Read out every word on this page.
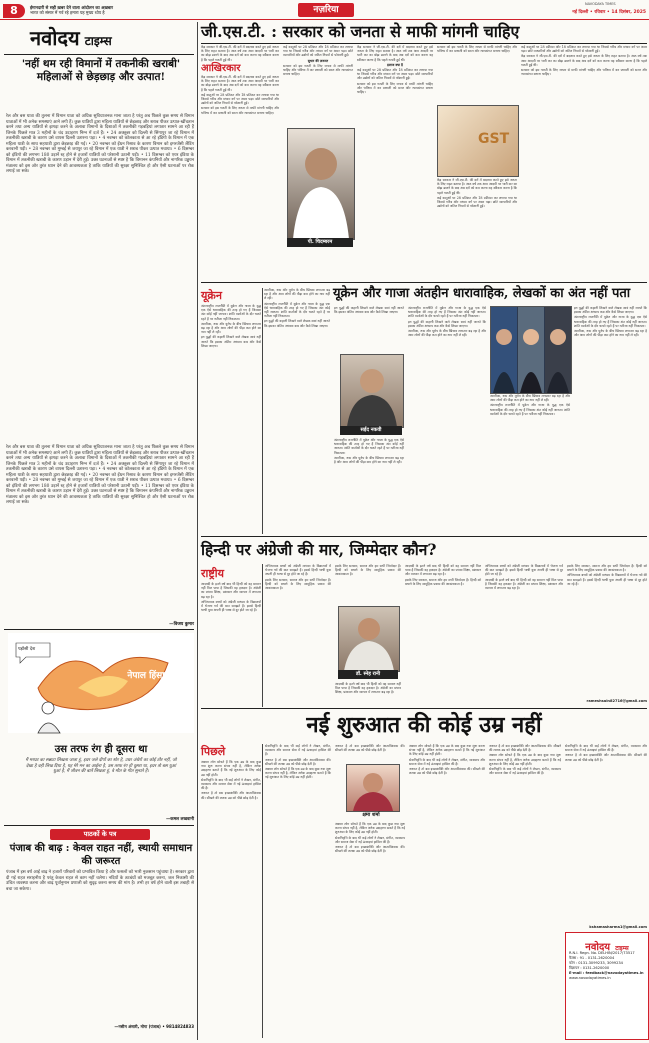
8	ईमानदारी से सही ख़बर देने वाला आंदोलन का अख़बार
भारत को संसार में गर्व रहे हमारा यह मुख्य ध्येय है	नज़रिया
NAVODAYA TIMES
नई दिल्ली • रविवार • 14 दिसंबर, 2025
नवोदय टाइम्स
'नहीं थम रही विमानों में तकनीकी खराबी' महिलाओं से छेड़छाड़ और उत्पात!

रेल और बस यात्रा की तुलना में विमान यात्रा को अधिक सुविधाजनक माना जाता है परंतु अब पिछले कुछ समय से विमान यात्राओं में भी अनेक समस्याएं आने लगी हैं। कुछ यात्रियों द्वारा महिला यात्रियों से छेड़छाड़ और शराब पीकर उत्पात-खींचतान करने तथा अन्य यात्रियों से झगड़ा करने के अलावा विमानों के दिशाओं में तकनीकी गड़बड़ियां लगातार सामने आ रही हैं जिनके पिछले मात्र 3 महीनों के चंद उदाहरण निम्न में दर्ज हैं। • 24 अक्तूबर को दिल्ली से सिंगापुर जा रहे विमान में तकनीकी खराबी के कारण उसे वापस दिल्ली उतारना पड़ा। • 4 नवम्बर को कोलकाता से आ रहे इंडिगो के विमान में एक महिला यात्री के साथ सहयात्री द्वारा छेड़छाड़ की गई। • 20 नवम्बर को ईंधन रिसाव के कारण विमान को इमरजेंसी लैंडिंग करवानी पड़ी। • 28 नवम्बर को मुम्बई से जयपुर जा रहे विमान में एक यात्री ने शराब पीकर उत्पात मचाया। • 6 दिसम्बर को इंडिगो की लगभग 180 उड़ानें रद्द होने से हजारों यात्रियों को परेशानी उठानी पड़ी। • 11 दिसम्बर को एयर इंडिया के विमान में तकनीकी खराबी के कारण उड़ान में देरी हुई। उक्त घटनाओं से स्पष्ट है कि विमानन कंपनियों और नागरिक उड्डयन मंत्रालय को इस ओर तुरंत ध्यान देने की आवश्यकता है ताकि यात्रियों की सुरक्षा सुनिश्चित हो और ऐसी घटनाओं पर रोक लगाई जा सके।

—विजय कुमार

रेल और बस यात्रा की तुलना में विमान यात्रा को अधिक सुविधाजनक माना जाता है परंतु अब पिछले कुछ समय से विमान यात्राओं में भी अनेक समस्याएं आने लगी हैं। कुछ यात्रियों द्वारा महिला यात्रियों से छेड़छाड़ और शराब पीकर उत्पात-खींचतान करने तथा अन्य यात्रियों से झगड़ा करने के अलावा विमानों के दिशाओं में तकनीकी गड़बड़ियां लगातार सामने आ रही हैं जिनके पिछले मात्र 3 महीनों के चंद उदाहरण निम्न में दर्ज हैं। • 24 अक्तूबर को दिल्ली से सिंगापुर जा रहे विमान में तकनीकी खराबी के कारण उसे वापस दिल्ली उतारना पड़ा। • 4 नवम्बर को कोलकाता से आ रहे इंडिगो के विमान में एक महिला यात्री के साथ सहयात्री द्वारा छेड़छाड़ की गई। • 20 नवम्बर को ईंधन रिसाव के कारण विमान को इमरजेंसी लैंडिंग करवानी पड़ी। • 28 नवम्बर को मुम्बई से जयपुर जा रहे विमान में एक यात्री ने शराब पीकर उत्पात मचाया। • 6 दिसम्बर को इंडिगो की लगभग 180 उड़ानें रद्द होने से हजारों यात्रियों को परेशानी उठानी पड़ी। • 11 दिसम्बर को एयर इंडिया के विमान में तकनीकी खराबी के कारण उड़ान में देरी हुई। उक्त घटनाओं से स्पष्ट है कि विमानन कंपनियों और नागरिक उड्डयन मंत्रालय को इस ओर तुरंत ध्यान देने की आवश्यकता है ताकि यात्रियों की सुरक्षा सुनिश्चित हो और ऐसी घटनाओं पर रोक लगाई जा सके।

पड़ोसी देश
नेपाल हिंसा
उस तरफ रंग ही दूसरा था

मैं मरघट का सन्नाटा लिखता जाता हूं, इधर जले दीपों का शोर है, उधर अंधेरों का कोई ठौर नहीं, जो देखा है वही लिख दिया है, यह मेरे मन का आईना है, उस तरफ रंग ही दूसरा था, इधर तो बस धुआं धुआं है, मैं जीवन की बातें लिखता हूं, वे मौत के गीत सुनाते हैं।

—कमल लखवानी
पाठकों के पत्र
पंजाब की बाढ़ : केवल राहत नहीं, स्थायी समाधान की जरूरत

पंजाब में इस वर्ष आई बाढ़ ने हजारों परिवारों को प्रभावित किया है और फसलों को भारी नुकसान पहुंचाया है। सरकार द्वारा दी गई राहत सराहनीय है परंतु केवल राहत से काम नहीं चलेगा। नदियों के तटबंधों को मजबूत करना, जल निकासी की उचित व्यवस्था करना और बाढ़ पूर्वानुमान प्रणाली को सुदृढ़ करना समय की मांग है। तभी हर वर्ष होने वाली इस तबाही से बचा जा सकेगा।

—नसीम अंसारी, मोगा (पंजाब) • 9814824833
जी.एस.टी. : सरकार को जनता से माफी मांगनी चाहिए
आखिरकार

केंद्र सरकार ने जी.एस.टी. की दरों में बदलाव करते हुए इसे जनता के लिए राहत बताया है। आठ वर्ष तक आम आदमी पर भारी कर का बोझ डालने के बाद अब दरों को कम करना यह स्वीकार करना है कि पहले गलती हुई थी।

केंद्र सरकार ने जी.एस.टी. की दरों में बदलाव करते हुए इसे जनता के लिए राहत बताया है। आठ वर्ष तक आम आदमी पर भारी कर का बोझ डालने के बाद अब दरों को कम करना यह स्वीकार करना है कि पहले गलती हुई थी।

कई वस्तुओं पर 28 प्रतिशत और 18 प्रतिशत कर लगाया गया था जिससे गरीब और मध्यम वर्ग पर असर पड़ा। छोटे व्यापारियों और उद्योगों को जटिल नियमों से परेशानी हुई।

सरकार को इस गलती के लिए जनता से माफी मांगनी चाहिए और भविष्य में कर प्रणाली को सरल और न्यायसंगत बनाना चाहिए।

कई वस्तुओं पर 28 प्रतिशत और 18 प्रतिशत कर लगाया गया था जिससे गरीब और मध्यम वर्ग पर असर पड़ा। छोटे व्यापारियों और उद्योगों को जटिल नियमों से परेशानी हुई।

सुधार की ज़रूरत

सरकार को इस गलती के लिए जनता से माफी मांगनी चाहिए और भविष्य में कर प्रणाली को सरल और न्यायसंगत बनाना चाहिए।

पी. चिदम्बरम

केंद्र सरकार ने जी.एस.टी. की दरों में बदलाव करते हुए इसे जनता के लिए राहत बताया है। आठ वर्ष तक आम आदमी पर भारी कर का बोझ डालने के बाद अब दरों को कम करना यह स्वीकार करना है कि पहले गलती हुई थी।

इलाज क्या है

कई वस्तुओं पर 28 प्रतिशत और 18 प्रतिशत कर लगाया गया था जिससे गरीब और मध्यम वर्ग पर असर पड़ा। छोटे व्यापारियों और उद्योगों को जटिल नियमों से परेशानी हुई।

सरकार को इस गलती के लिए जनता से माफी मांगनी चाहिए और भविष्य में कर प्रणाली को सरल और न्यायसंगत बनाना चाहिए।

सरकार को इस गलती के लिए जनता से माफी मांगनी चाहिए और भविष्य में कर प्रणाली को सरल और न्यायसंगत बनाना चाहिए।

GST

केंद्र सरकार ने जी.एस.टी. की दरों में बदलाव करते हुए इसे जनता के लिए राहत बताया है। आठ वर्ष तक आम आदमी पर भारी कर का बोझ डालने के बाद अब दरों को कम करना यह स्वीकार करना है कि पहले गलती हुई थी।

कई वस्तुओं पर 28 प्रतिशत और 18 प्रतिशत कर लगाया गया था जिससे गरीब और मध्यम वर्ग पर असर पड़ा। छोटे व्यापारियों और उद्योगों को जटिल नियमों से परेशानी हुई।

कई वस्तुओं पर 28 प्रतिशत और 18 प्रतिशत कर लगाया गया था जिससे गरीब और मध्यम वर्ग पर असर पड़ा। छोटे व्यापारियों और उद्योगों को जटिल नियमों से परेशानी हुई।

केंद्र सरकार ने जी.एस.टी. की दरों में बदलाव करते हुए इसे जनता के लिए राहत बताया है। आठ वर्ष तक आम आदमी पर भारी कर का बोझ डालने के बाद अब दरों को कम करना यह स्वीकार करना है कि पहले गलती हुई थी।

सरकार को इस गलती के लिए जनता से माफी मांगनी चाहिए और भविष्य में कर प्रणाली को सरल और न्यायसंगत बनाना चाहिए।

यूक्रेन

अंतरराष्ट्रीय राजनीति में यूक्रेन और गाजा के युद्ध एक ऐसे धारावाहिक की तरह हो गए हैं जिसका अंत कोई नहीं जानता। शांति वार्ताओं के दौर चलते रहते हैं पर नतीजा नहीं निकलता।

अमरीका, रूस और यूरोप के बीच खिंचाव लगातार बढ़ रहा है और आम लोगों की पीड़ा कम होने का नाम नहीं ले रही।

इन युद्धों की कहानी लिखने वाले लेखक स्वयं नहीं जानते कि इसका अंतिम अध्याय कब और कैसे लिखा जाएगा।

यूक्रेन और गाजा अंतहीन धारावाहिक, लेखकों का अंत नहीं पता

अमरीका, रूस और यूरोप के बीच खिंचाव लगातार बढ़ रहा है और आम लोगों की पीड़ा कम होने का नाम नहीं ले रही।

अंतरराष्ट्रीय राजनीति में यूक्रेन और गाजा के युद्ध एक ऐसे धारावाहिक की तरह हो गए हैं जिसका अंत कोई नहीं जानता। शांति वार्ताओं के दौर चलते रहते हैं पर नतीजा नहीं निकलता।

इन युद्धों की कहानी लिखने वाले लेखक स्वयं नहीं जानते कि इसका अंतिम अध्याय कब और कैसे लिखा जाएगा।

इन युद्धों की कहानी लिखने वाले लेखक स्वयं नहीं जानते कि इसका अंतिम अध्याय कब और कैसे लिखा जाएगा।

सईद नकवी

अंतरराष्ट्रीय राजनीति में यूक्रेन और गाजा के युद्ध एक ऐसे धारावाहिक की तरह हो गए हैं जिसका अंत कोई नहीं जानता। शांति वार्ताओं के दौर चलते रहते हैं पर नतीजा नहीं निकलता।

अमरीका, रूस और यूरोप के बीच खिंचाव लगातार बढ़ रहा है और आम लोगों की पीड़ा कम होने का नाम नहीं ले रही।

अंतरराष्ट्रीय राजनीति में यूक्रेन और गाजा के युद्ध एक ऐसे धारावाहिक की तरह हो गए हैं जिसका अंत कोई नहीं जानता। शांति वार्ताओं के दौर चलते रहते हैं पर नतीजा नहीं निकलता।

इन युद्धों की कहानी लिखने वाले लेखक स्वयं नहीं जानते कि इसका अंतिम अध्याय कब और कैसे लिखा जाएगा।

अमरीका, रूस और यूरोप के बीच खिंचाव लगातार बढ़ रहा है और आम लोगों की पीड़ा कम होने का नाम नहीं ले रही।

अमरीका, रूस और यूरोप के बीच खिंचाव लगातार बढ़ रहा है और आम लोगों की पीड़ा कम होने का नाम नहीं ले रही।

अंतरराष्ट्रीय राजनीति में यूक्रेन और गाजा के युद्ध एक ऐसे धारावाहिक की तरह हो गए हैं जिसका अंत कोई नहीं जानता। शांति वार्ताओं के दौर चलते रहते हैं पर नतीजा नहीं निकलता।

इन युद्धों की कहानी लिखने वाले लेखक स्वयं नहीं जानते कि इसका अंतिम अध्याय कब और कैसे लिखा जाएगा।

अंतरराष्ट्रीय राजनीति में यूक्रेन और गाजा के युद्ध एक ऐसे धारावाहिक की तरह हो गए हैं जिसका अंत कोई नहीं जानता। शांति वार्ताओं के दौर चलते रहते हैं पर नतीजा नहीं निकलता।

अमरीका, रूस और यूरोप के बीच खिंचाव लगातार बढ़ रहा है और आम लोगों की पीड़ा कम होने का नाम नहीं ले रही।

हिन्दी पर अंग्रेजी की मार, जिम्मेदार कौन?
राष्ट्रीय

आज़ादी के इतने वर्ष बाद भी हिन्दी को वह सम्मान नहीं मिल पाया है जिसकी वह हकदार है। अंग्रेजी का प्रभाव शिक्षा, प्रशासन और व्यापार में लगातार बढ़ रहा है।

अभिभावक बच्चों को अंग्रेजी माध्यम के विद्यालयों में भेजना गर्व की बात समझते हैं। इससे हिन्दी भाषी युवा अपनी ही भाषा से दूर होते जा रहे हैं।

अभिभावक बच्चों को अंग्रेजी माध्यम के विद्यालयों में भेजना गर्व की बात समझते हैं। इससे हिन्दी भाषी युवा अपनी ही भाषा से दूर होते जा रहे हैं।

इसके लिए सरकार, समाज और हम सभी जिम्मेदार हैं। हिन्दी को बचाने के लिए सामूहिक प्रयास की आवश्यकता है।

इसके लिए सरकार, समाज और हम सभी जिम्मेदार हैं। हिन्दी को बचाने के लिए सामूहिक प्रयास की आवश्यकता है।

डॉ. स्नेह रानी

आज़ादी के इतने वर्ष बाद भी हिन्दी को वह सम्मान नहीं मिल पाया है जिसकी वह हकदार है। अंग्रेजी का प्रभाव शिक्षा, प्रशासन और व्यापार में लगातार बढ़ रहा है।

आज़ादी के इतने वर्ष बाद भी हिन्दी को वह सम्मान नहीं मिल पाया है जिसकी वह हकदार है। अंग्रेजी का प्रभाव शिक्षा, प्रशासन और व्यापार में लगातार बढ़ रहा है।

इसके लिए सरकार, समाज और हम सभी जिम्मेदार हैं। हिन्दी को बचाने के लिए सामूहिक प्रयास की आवश्यकता है।

अभिभावक बच्चों को अंग्रेजी माध्यम के विद्यालयों में भेजना गर्व की बात समझते हैं। इससे हिन्दी भाषी युवा अपनी ही भाषा से दूर होते जा रहे हैं।

आज़ादी के इतने वर्ष बाद भी हिन्दी को वह सम्मान नहीं मिल पाया है जिसकी वह हकदार है। अंग्रेजी का प्रभाव शिक्षा, प्रशासन और व्यापार में लगातार बढ़ रहा है।

इसके लिए सरकार, समाज और हम सभी जिम्मेदार हैं। हिन्दी को बचाने के लिए सामूहिक प्रयास की आवश्यकता है।

अभिभावक बच्चों को अंग्रेजी माध्यम के विद्यालयों में भेजना गर्व की बात समझते हैं। इससे हिन्दी भाषी युवा अपनी ही भाषा से दूर होते जा रहे हैं।

rameshsain82716@gmail.com
नई शुरुआत की कोई उम्र नहीं
पिछले

अक्सर लोग सोचते हैं कि एक उम्र के बाद कुछ नया शुरू करना संभव नहीं है, लेकिन अनेक उदाहरण बताते हैं कि नई शुरुआत के लिए कोई उम्र नहीं होती।

सेवानिवृत्ति के बाद भी कई लोगों ने लेखन, संगीत, व्यवसाय और समाज सेवा में नई ऊंचाइयां हासिल की हैं।

जरूरत है तो बस इच्छाशक्ति और आत्मविश्वास की। सीखने की ललक उम्र को पीछे छोड़ देती है।

सेवानिवृत्ति के बाद भी कई लोगों ने लेखन, संगीत, व्यवसाय और समाज सेवा में नई ऊंचाइयां हासिल की हैं।

जरूरत है तो बस इच्छाशक्ति और आत्मविश्वास की। सीखने की ललक उम्र को पीछे छोड़ देती है।

अक्सर लोग सोचते हैं कि एक उम्र के बाद कुछ नया शुरू करना संभव नहीं है, लेकिन अनेक उदाहरण बताते हैं कि नई शुरुआत के लिए कोई उम्र नहीं होती।

जरूरत है तो बस इच्छाशक्ति और आत्मविश्वास की। सीखने की ललक उम्र को पीछे छोड़ देती है।

क्षमा शर्मा

अक्सर लोग सोचते हैं कि एक उम्र के बाद कुछ नया शुरू करना संभव नहीं है, लेकिन अनेक उदाहरण बताते हैं कि नई शुरुआत के लिए कोई उम्र नहीं होती।

सेवानिवृत्ति के बाद भी कई लोगों ने लेखन, संगीत, व्यवसाय और समाज सेवा में नई ऊंचाइयां हासिल की हैं।

जरूरत है तो बस इच्छाशक्ति और आत्मविश्वास की। सीखने की ललक उम्र को पीछे छोड़ देती है।

अक्सर लोग सोचते हैं कि एक उम्र के बाद कुछ नया शुरू करना संभव नहीं है, लेकिन अनेक उदाहरण बताते हैं कि नई शुरुआत के लिए कोई उम्र नहीं होती।

सेवानिवृत्ति के बाद भी कई लोगों ने लेखन, संगीत, व्यवसाय और समाज सेवा में नई ऊंचाइयां हासिल की हैं।

जरूरत है तो बस इच्छाशक्ति और आत्मविश्वास की। सीखने की ललक उम्र को पीछे छोड़ देती है।

जरूरत है तो बस इच्छाशक्ति और आत्मविश्वास की। सीखने की ललक उम्र को पीछे छोड़ देती है।

अक्सर लोग सोचते हैं कि एक उम्र के बाद कुछ नया शुरू करना संभव नहीं है, लेकिन अनेक उदाहरण बताते हैं कि नई शुरुआत के लिए कोई उम्र नहीं होती।

सेवानिवृत्ति के बाद भी कई लोगों ने लेखन, संगीत, व्यवसाय और समाज सेवा में नई ऊंचाइयां हासिल की हैं।

सेवानिवृत्ति के बाद भी कई लोगों ने लेखन, संगीत, व्यवसाय और समाज सेवा में नई ऊंचाइयां हासिल की हैं।

जरूरत है तो बस इच्छाशक्ति और आत्मविश्वास की। सीखने की ललक उम्र को पीछे छोड़ देती है।

kshamasharma1@gmail.com
नवोदय टाइम्स
R.N.I. Regn. No. DELHIN/2017/73517
फैक्स : 91 - 0131-2620004
फोन : 0131-3099233, 3099234
विज्ञापन : 0131-2620000
E-mail : feedback@navodayatimes.in
www.navodayatimes.in
